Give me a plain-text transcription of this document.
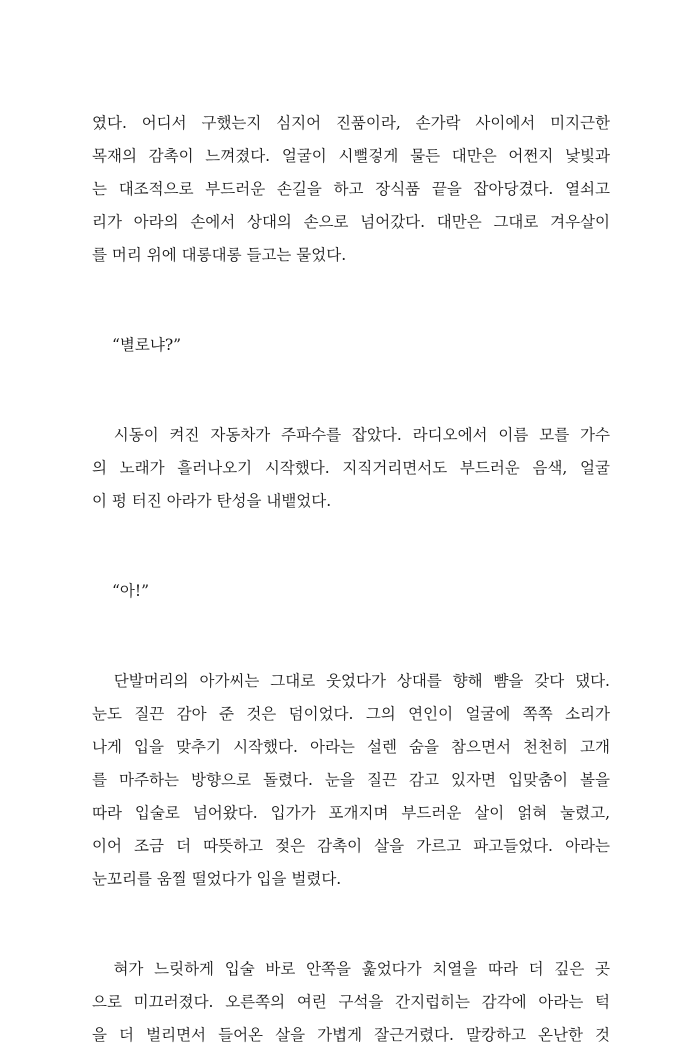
였다. 어디서 구했는지 심지어 진품이라, 손가락 사이에서 미지근한
목재의 감촉이 느껴졌다. 얼굴이 시뻘겋게 물든 대만은 어쩐지 낯빛과
는 대조적으로 부드러운 손길을 하고 장식품 끝을 잡아당겼다. 열쇠고
리가 아라의 손에서 상대의 손으로 넘어갔다. 대만은 그대로 겨우살이
를 머리 위에 대롱대롱 들고는 물었다.
“별로냐?”
시동이 켜진 자동차가 주파수를 잡았다. 라디오에서 이름 모를 가수
의 노래가 흘러나오기 시작했다. 지직거리면서도 부드러운 음색, 얼굴
이 펑 터진 아라가 탄성을 내뱉었다.
“아!”
단발머리의 아가씨는 그대로 웃었다가 상대를 향해 뺨을 갖다 댔다.
눈도 질끈 감아 준 것은 덤이었다. 그의 연인이 얼굴에 쪽쪽 소리가
나게 입을 맞추기 시작했다. 아라는 설렌 숨을 참으면서 천천히 고개
를 마주하는 방향으로 돌렸다. 눈을 질끈 감고 있자면 입맞춤이 볼을
따라 입술로 넘어왔다. 입가가 포개지며 부드러운 살이 얽혀 눌렸고,
이어 조금 더 따뜻하고 젖은 감촉이 살을 가르고 파고들었다. 아라는
눈꼬리를 움찔 떨었다가 입을 벌렸다.
혀가 느릿하게 입술 바로 안쪽을 훑었다가 치열을 따라 더 깊은 곳
으로 미끄러졌다. 오른쪽의 여린 구석을 간지럽히는 감각에 아라는 턱
을 더 벌리면서 들어온 살을 가볍게 잘근거렸다. 말캉하고 온난한 것
